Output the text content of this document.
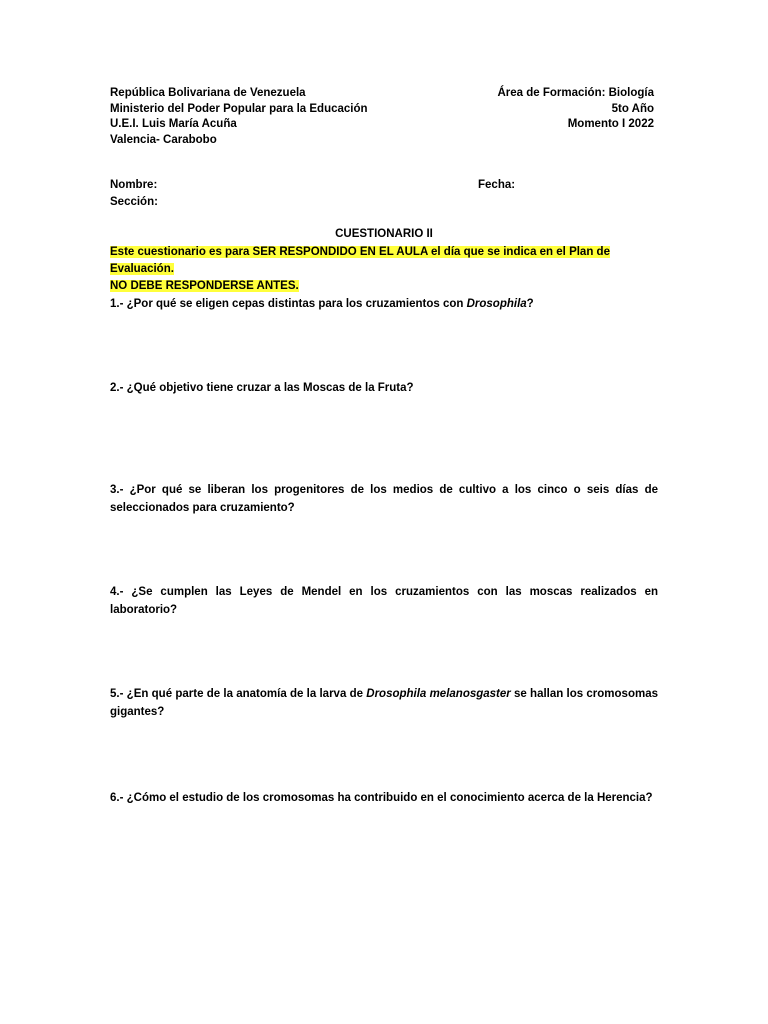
República Bolivariana de Venezuela
Ministerio del Poder Popular para la Educación
U.E.I. Luis María Acuña
Valencia- Carabobo
Área de Formación: Biología
5to Año
Momento I 2022
Nombre:
Sección:
Fecha:
CUESTIONARIO II
Este cuestionario es para SER RESPONDIDO EN EL AULA el día que se indica en el Plan de Evaluación.
NO DEBE RESPONDERSE ANTES.
1.- ¿Por qué se eligen cepas distintas para los cruzamientos con Drosophila?
2.- ¿Qué objetivo tiene cruzar a las Moscas de la Fruta?
3.- ¿Por qué se liberan los progenitores de los medios de cultivo a los cinco o seis días de seleccionados para cruzamiento?
4.- ¿Se cumplen las Leyes de Mendel en los cruzamientos con las moscas realizados en laboratorio?
5.- ¿En qué parte de la anatomía de la larva de Drosophila melanosgaster se hallan los cromosomas gigantes?
6.- ¿Cómo el estudio de los cromosomas ha contribuido en el conocimiento acerca de la Herencia?
